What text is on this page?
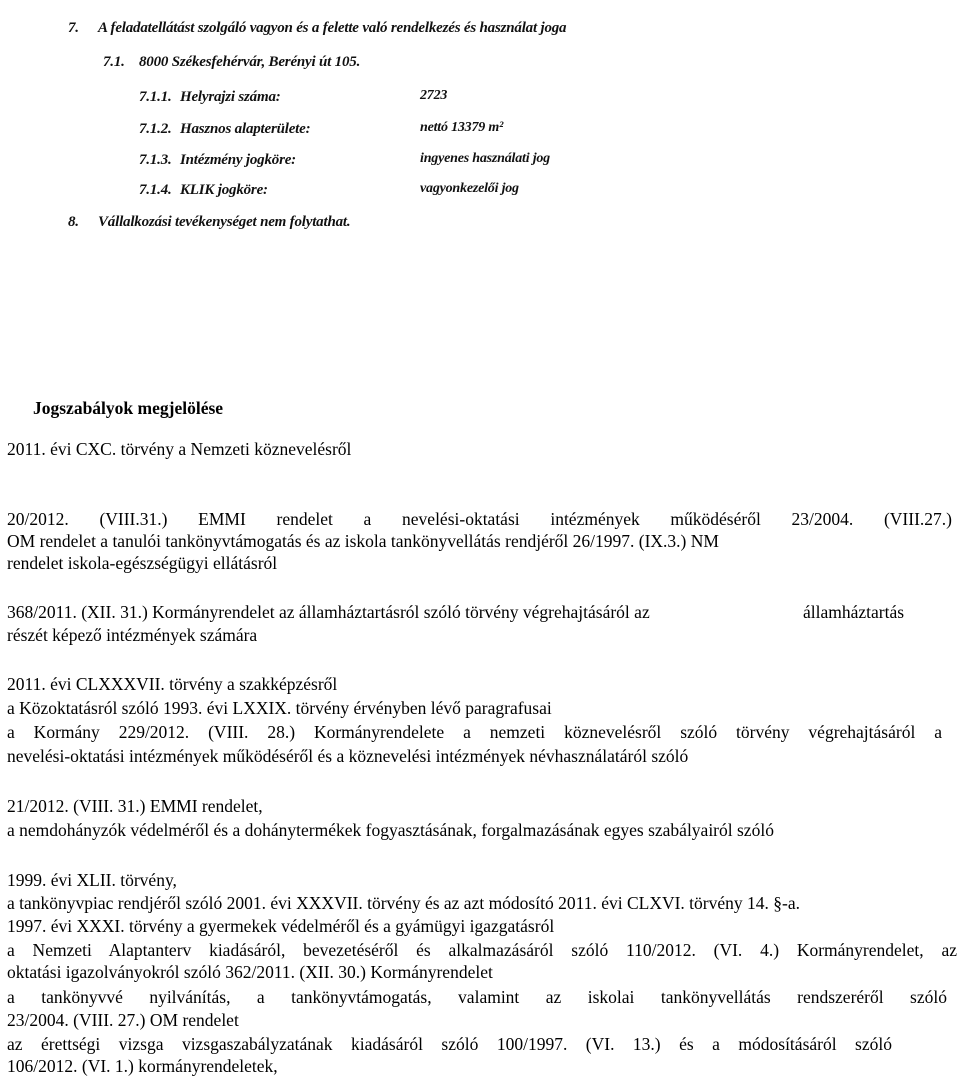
7. A feladatellátást szolgáló vagyon és a felette való rendelkezés és használat joga
7.1. 8000 Székesfehérvár, Berényi út 105.
7.1.1. Helyrajzi száma:	2723
7.1.2. Hasznos alapterülete:	nettó 13379 m²
7.1.3. Intézmény jogköre:	ingyenes használati jog
7.1.4. KLIK jogköre:	vagyonkezelői jog
8. Vállalkozási tevékenységet nem folytathat.
Jogszabályok megjelölése
2011. évi CXC. törvény a Nemzeti köznevelésről
20/2012. (VIII.31.) EMMI rendelet a nevelési-oktatási intézmények működéséről 23/2004. (VIII.27.)
OM rendelet a tanulói tankönyvtámogatás és az iskola tankönyvellátás rendjéről 26/1997. (IX.3.) NM
rendelet iskola-egészségügyi ellátásról
368/2011. (XII. 31.) Kormányrendelet az államháztartásról szóló törvény végrehajtásáról az	államháztartás
részét képező intézmények számára
2011. évi CLXXXVII. törvény a szakképzésről
a Közoktatásról szóló 1993. évi LXXIX. törvény érvényben lévő paragrafusai
a Kormány 229/2012. (VIII. 28.) Kormányrendelete a nemzeti köznevelésről szóló törvény végrehajtásáról a
nevelési-oktatási intézmények működéséről és a köznevelési intézmények névhasználatáról szóló
21/2012. (VIII. 31.) EMMI rendelet,
a nemdohányzók védelméről és a dohánytermékek fogyasztásának, forgalmazásának egyes szabályairól szóló
1999. évi XLII. törvény,
a tankönyvpiac rendjéről szóló 2001. évi XXXVII. törvény és az azt módosító 2011. évi CLXVI. törvény 14. §-a.
1997. évi XXXI. törvény a gyermekek védelméről és a gyámügyi igazgatásról
a Nemzeti Alaptanterv kiadásáról, bevezetéséről és alkalmazásáról szóló 110/2012. (VI. 4.) Kormányrendelet, az
oktatási igazolványokról szóló 362/2011. (XII. 30.) Kormányrendelet
a tankönyvvé nyilvánítás, a tankönyvtámogatás, valamint az iskolai tankönyvellátás rendszeréről szóló
23/2004. (VIII. 27.) OM rendelet
az érettségi vizsga vizsgaszabályzatának kiadásáról szóló 100/1997. (VI. 13.) és a módosításáról szóló
106/2012. (VI. 1.) kormányrendeletek,
